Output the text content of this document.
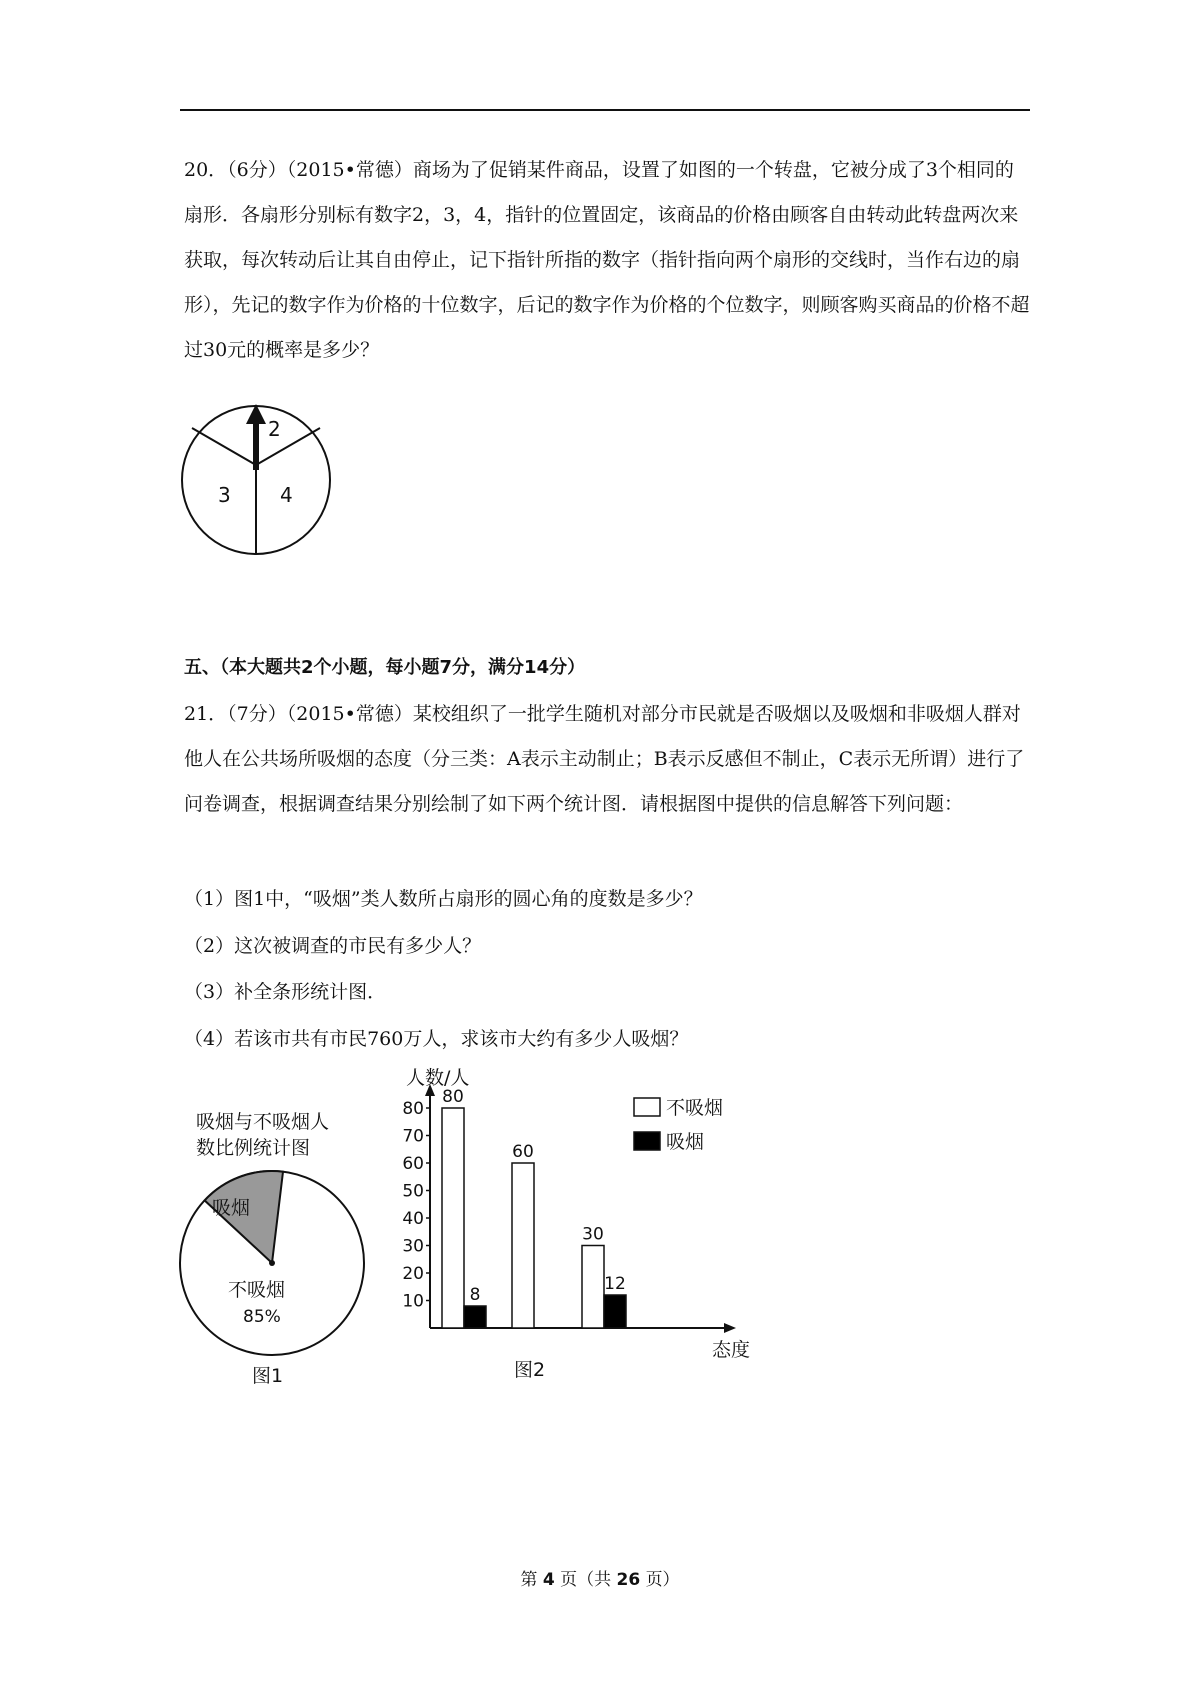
20．（6分）（2015•常德）商场为了促销某件商品，设置了如图的一个转盘，它被分成了3个相同的扇形．各扇形分别标有数字2，3，4，指针的位置固定，该商品的价格由顾客自由转动此转盘两次来获取，每次转动后让其自由停止，记下指针所指的数字（指针指向两个扇形的交线时，当作右边的扇形），先记的数字作为价格的十位数字，后记的数字作为价格的个位数字，则顾客购买商品的价格不超过30元的概率是多少？

2
3 4

五、（本大题共2个小题，每小题7分，满分14分）

21．（7分）（2015•常德）某校组织了一批学生随机对部分市民就是否吸烟以及吸烟和非吸烟人群对他人在公共场所吸烟的态度（分三类：A表示主动制止；B表示反感但不制止，C表示无所谓）进行了问卷调查，根据调查结果分别绘制了如下两个统计图．请根据图中提供的信息解答下列问题：

（1）图1中，“吸烟”类人数所占扇形的圆心角的度数是多少？

（2）这次被调查的市民有多少人？

（3）补全条形统计图．

（4）若该市共有市民760万人，求该市大约有多少人吸烟？

吸烟与不吸烟人
数比例统计图
吸烟
不吸烟
85%
图1
10
20
30
40
50
60
70
80
80
60
30
8
12
人数/人
态度
图2
不吸烟
吸烟
第 4 页（共 26 页）
